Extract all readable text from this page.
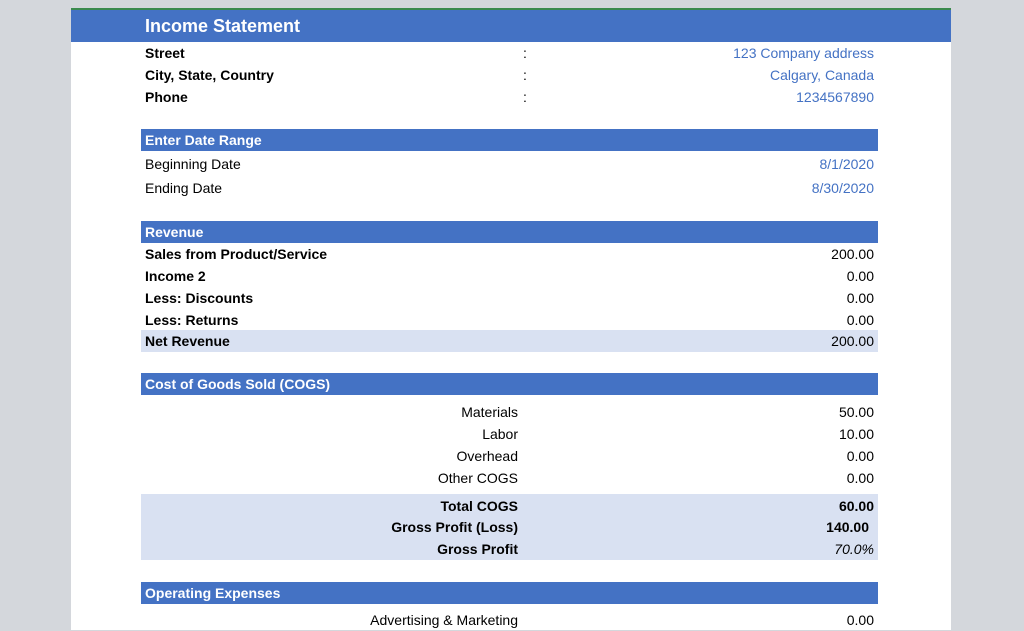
Income Statement
Street	:	123 Company address
City, State, Country	:	Calgary, Canada
Phone	:	1234567890
Enter Date Range
Beginning Date	8/1/2020
Ending Date	8/30/2020
Revenue
Sales from Product/Service	200.00
Income 2	0.00
Less: Discounts	0.00
Less: Returns	0.00
Net Revenue	200.00
Cost of Goods Sold (COGS)
Materials	50.00
Labor	10.00
Overhead	0.00
Other COGS	0.00
Total COGS	60.00
Gross Profit (Loss)	140.00
Gross Profit	70.0%
Operating Expenses
Advertising & Marketing	0.00
